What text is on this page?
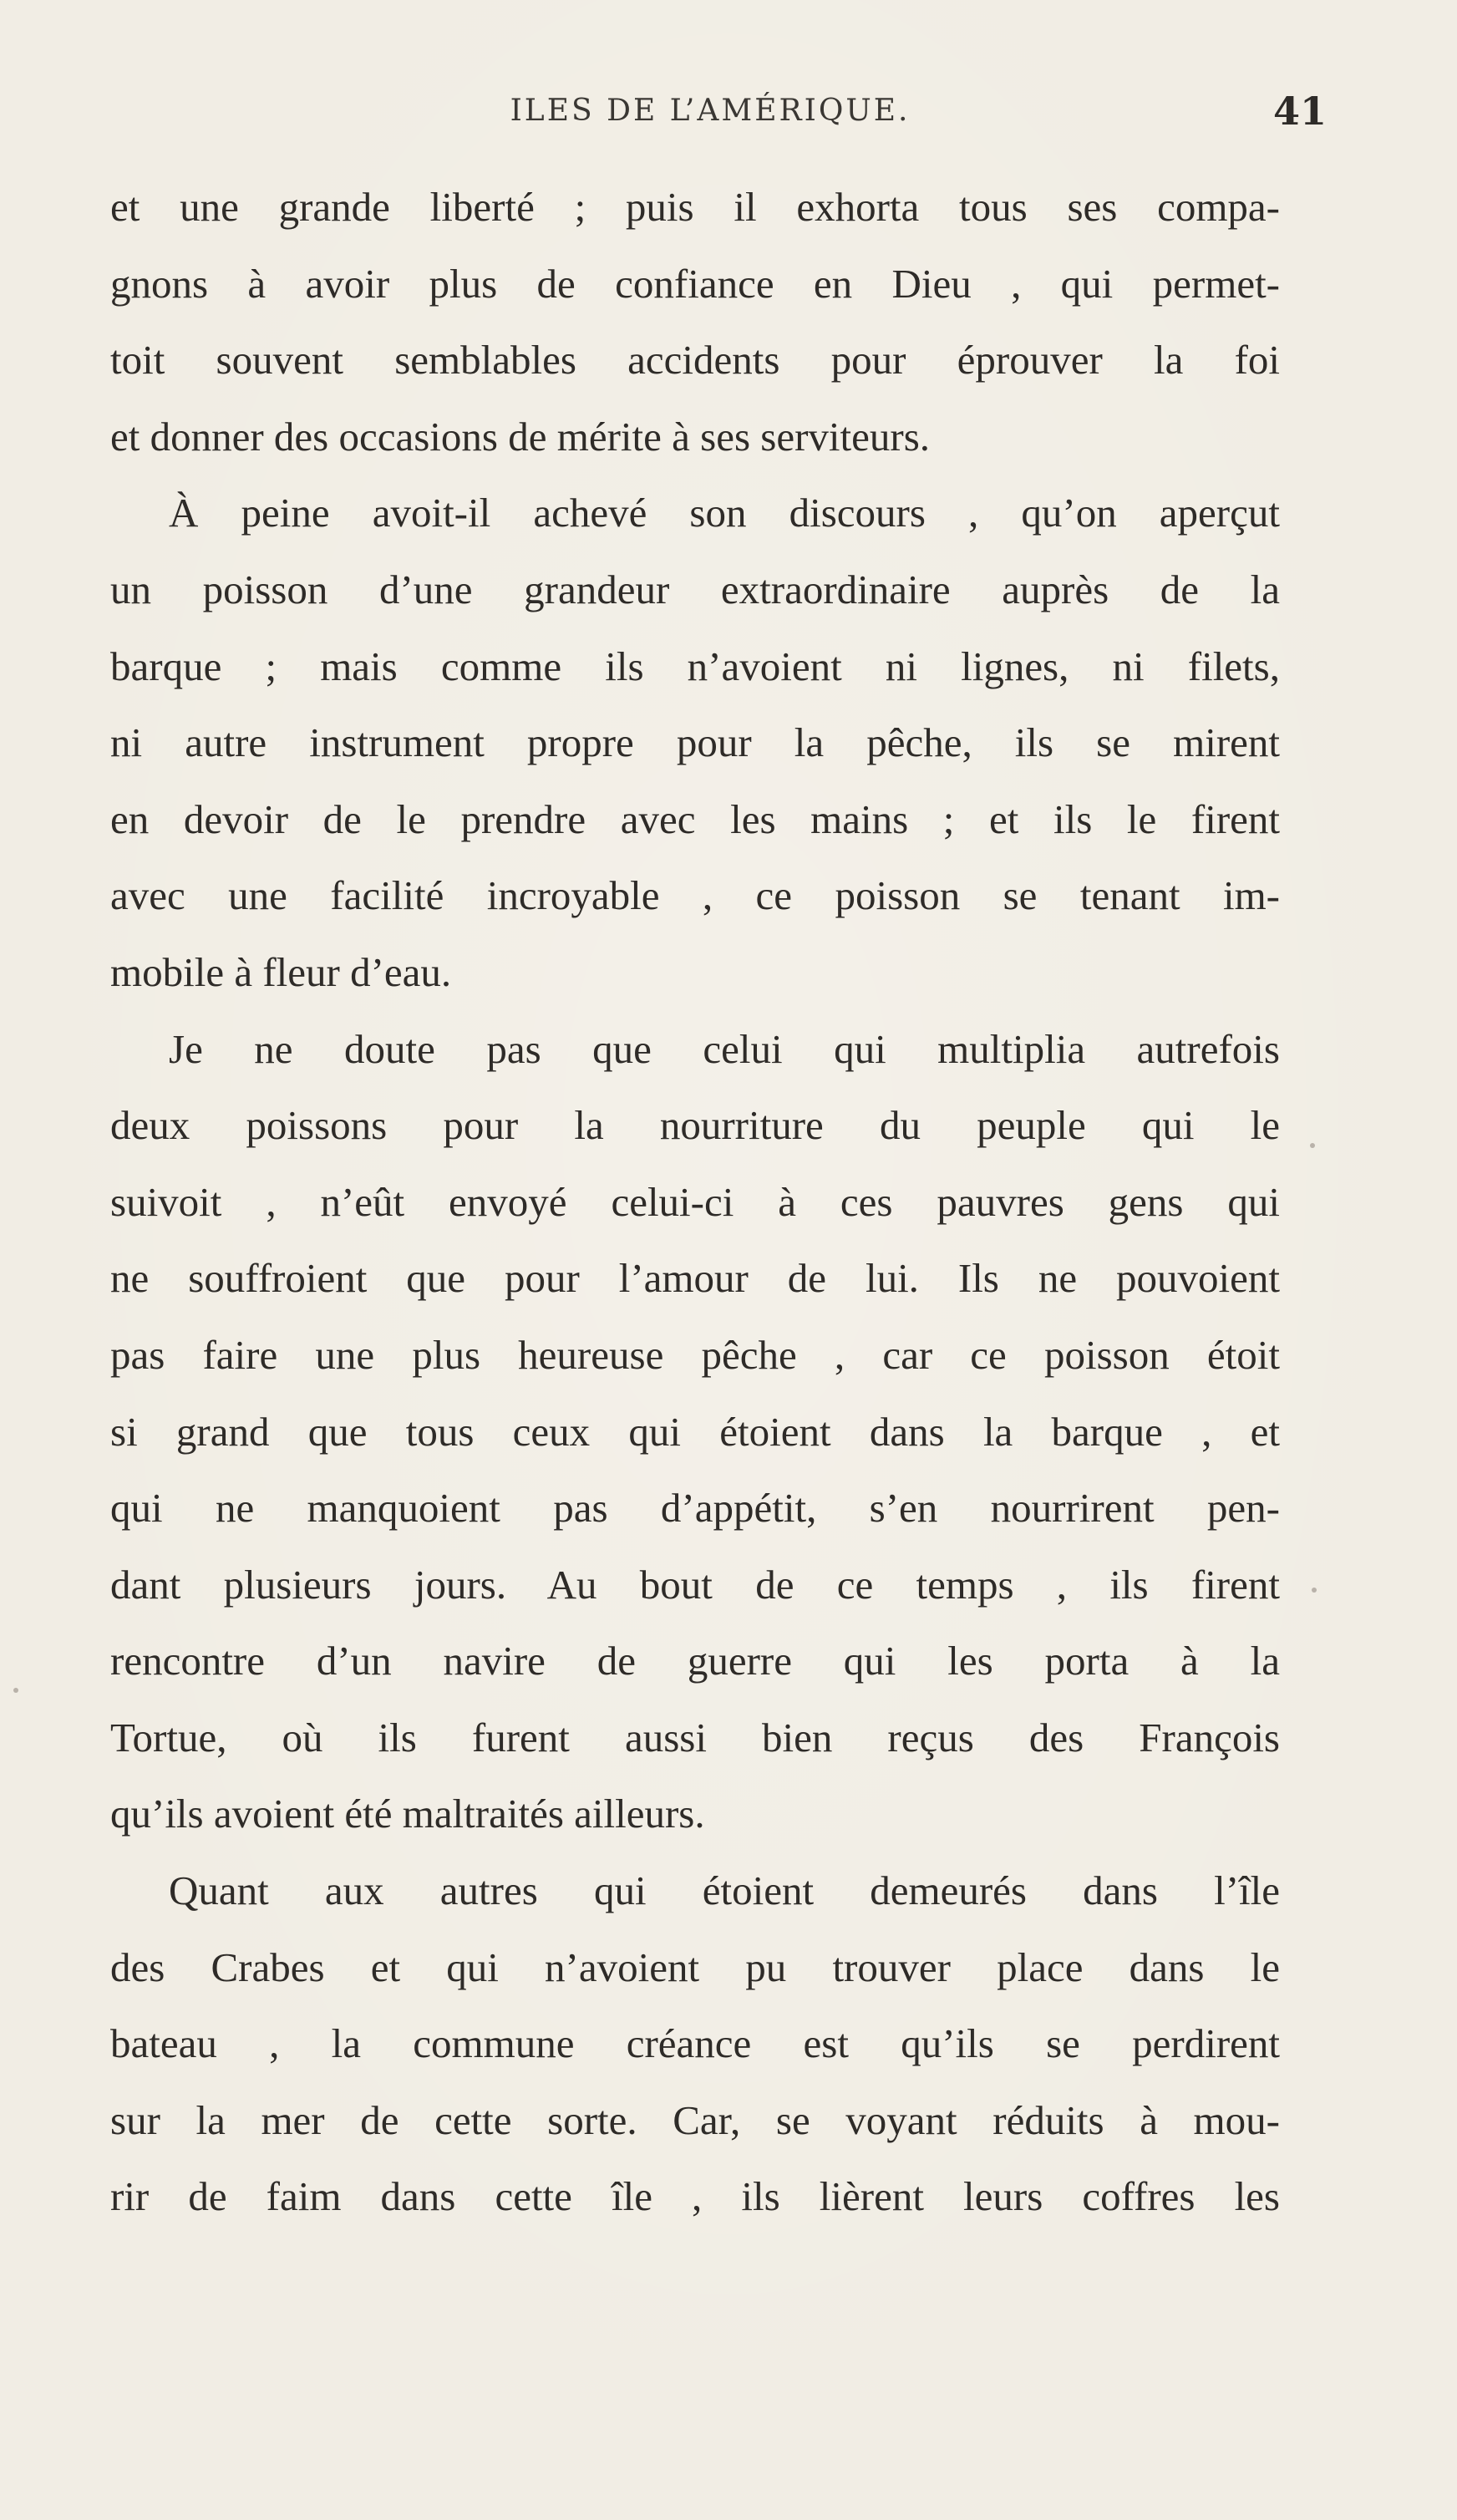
ILES DE L’AMÉRIQUE.	41
et une grande liberté ; puis il exhorta tous ses compa-
gnons à avoir plus de confiance en Dieu , qui permet-
toit souvent semblables accidents pour éprouver la foi
et donner des occasions de mérite à ses serviteurs.
À peine avoit-il achevé son discours , qu’on aperçut
un poisson d’une grandeur extraordinaire auprès de la
barque ; mais comme ils n’avoient ni lignes, ni filets,
ni autre instrument propre pour la pêche, ils se mirent
en devoir de le prendre avec les mains ; et ils le firent
avec une facilité incroyable , ce poisson se tenant im-
mobile à fleur d’eau.
Je ne doute pas que celui qui multiplia autrefois
deux poissons pour la nourriture du peuple qui le
suivoit , n’eût envoyé celui-ci à ces pauvres gens qui
ne souffroient que pour l’amour de lui. Ils ne pouvoient
pas faire une plus heureuse pêche , car ce poisson étoit
si grand que tous ceux qui étoient dans la barque , et
qui ne manquoient pas d’appétit, s’en nourrirent pen-
dant plusieurs jours. Au bout de ce temps , ils firent
rencontre d’un navire de guerre qui les porta à la
Tortue, où ils furent aussi bien reçus des François
qu’ils avoient été maltraités ailleurs.
Quant aux autres qui étoient demeurés dans l’île
des Crabes et qui n’avoient pu trouver place dans le
bateau , la commune créance est qu’ils se perdirent
sur la mer de cette sorte. Car, se voyant réduits à mou-
rir de faim dans cette île , ils lièrent leurs coffres les
